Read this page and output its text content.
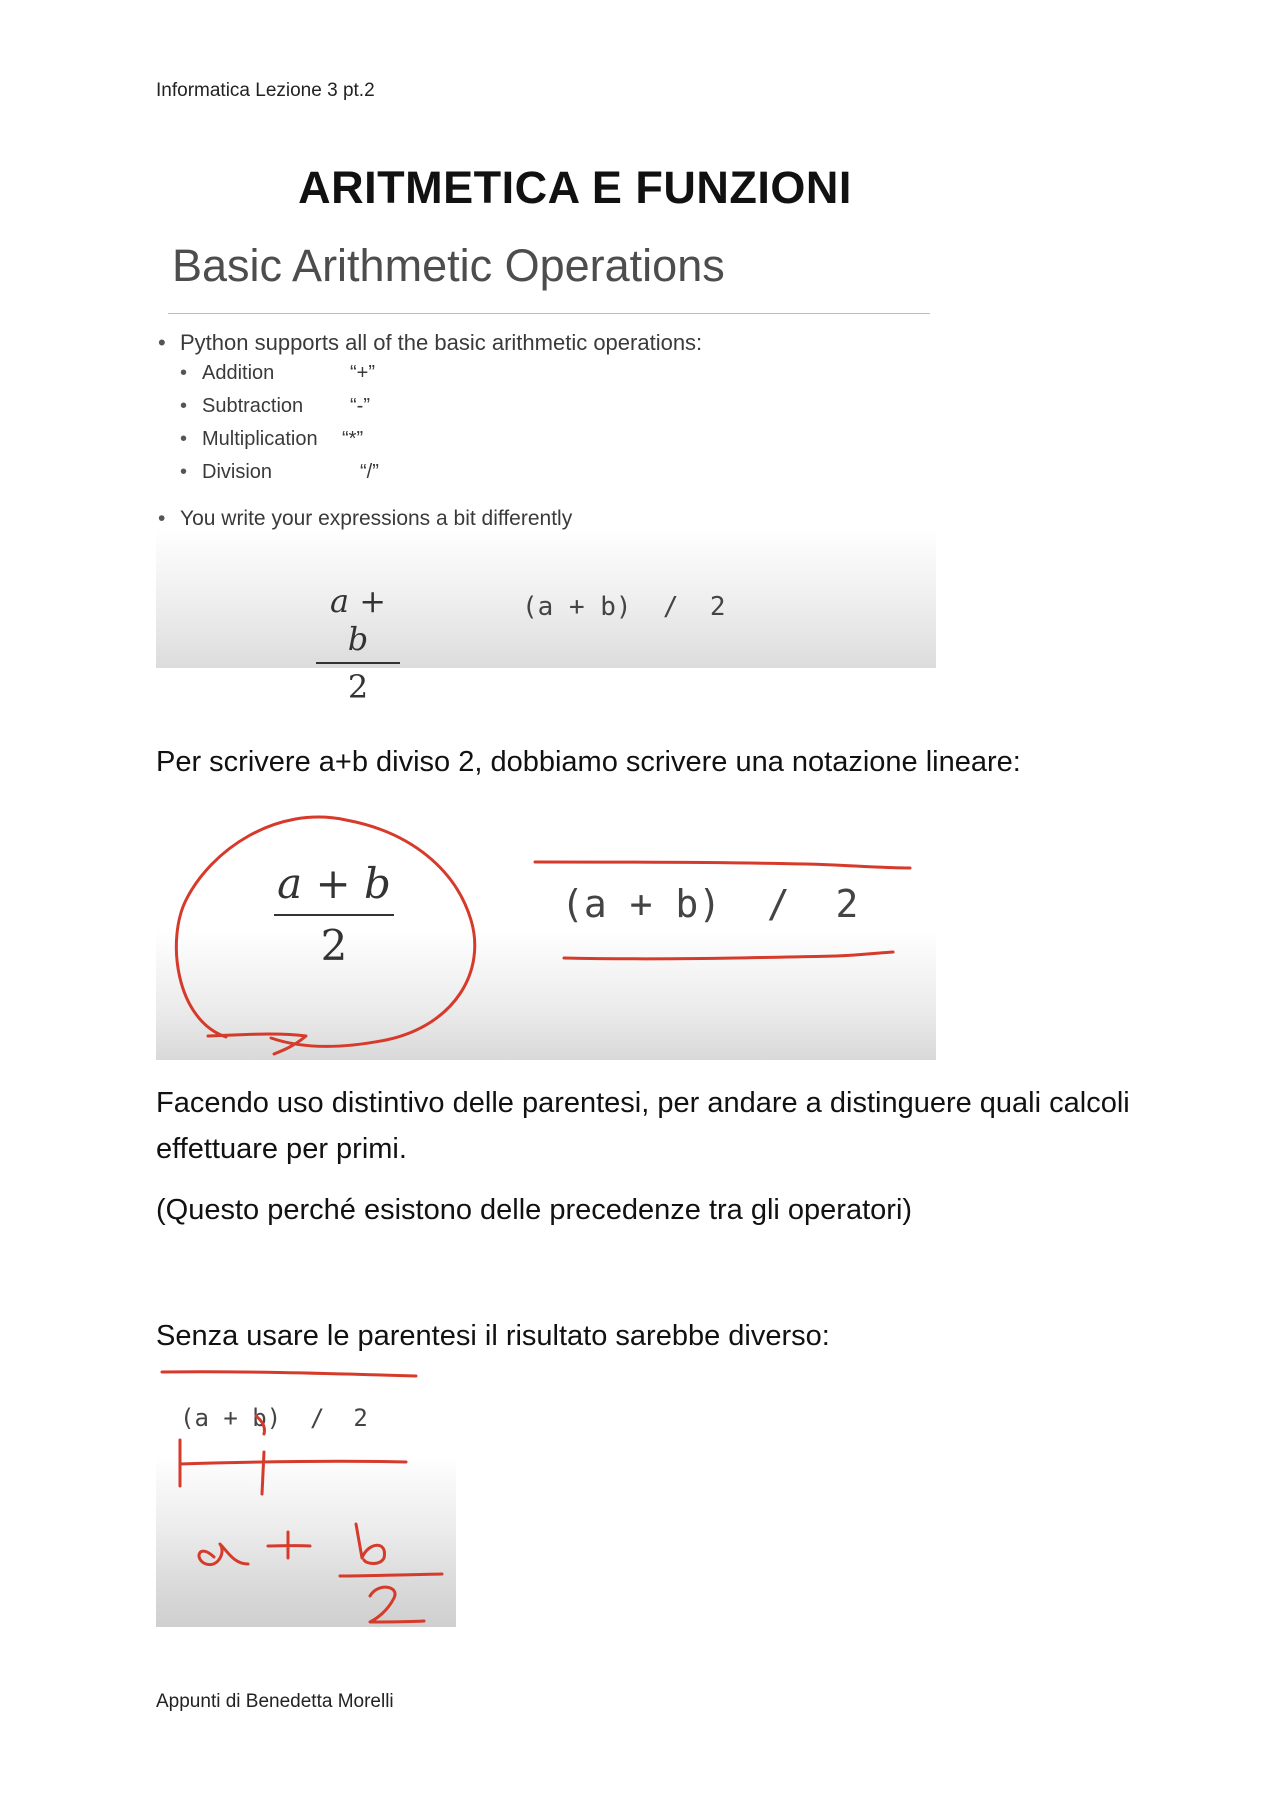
Informatica Lezione 3 pt.2
ARITMETICA E FUNZIONI
Basic Arithmetic Operations
• Python supports all of the basic arithmetic operations:
• Addition	“+”
• Subtraction “-”
• Multiplication “*”
• Division	“/”
• You write your expressions a bit differently
a + b
2
(a + b)  /  2
Per scrivere a+b diviso 2, dobbiamo scrivere una notazione lineare:
a + b
2
(a + b)  /  2
Facendo uso distintivo delle parentesi, per andare a distinguere quali calcoli effettuare per primi.
(Questo perché esistono delle precedenze tra gli operatori)
Senza usare le parentesi il risultato sarebbe diverso:
(a + b)  /  2
Appunti di Benedetta Morelli
